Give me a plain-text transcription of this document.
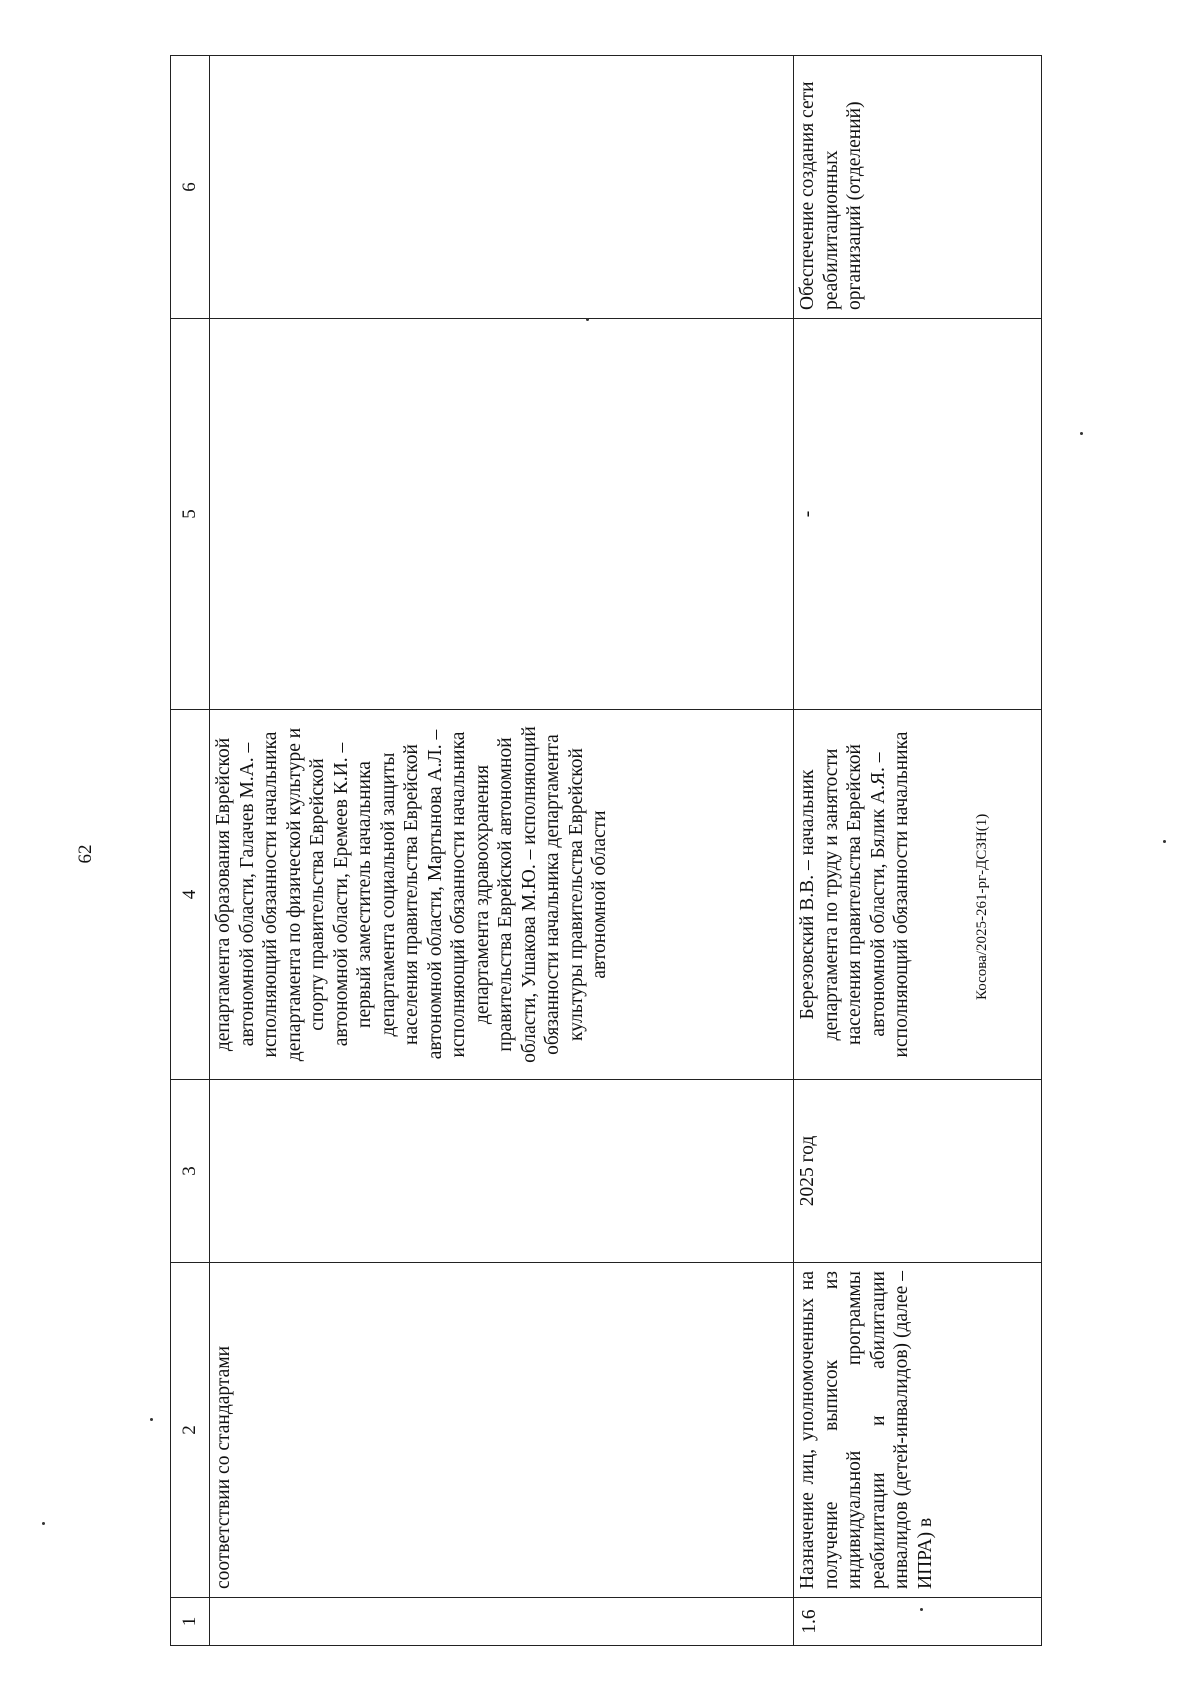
62
1	2	3	4	5	6
	соответствии со стандартами		департамента образования Еврейской автономной области, Галачев М.А. – исполняющий обязанности начальника департамента по физической культуре и спорту правительства Еврейской автономной области, Еремеев К.И. – первый заместитель начальника департамента социальной защиты населения правительства Еврейской автономной области, Мартынова А.Л. – исполняющий обязанности начальника департамента здравоохранения правительства Еврейской автономной области, Ушакова М.Ю. – исполняющий обязанности начальника департамента культуры правительства Еврейской автономной области		
1.6	Назначение лиц, уполномоченных на получение выписок из индивидуальной программы реабилитации и абилитации инвалидов (детей-инвалидов) (далее – ИПРА) в	2025 год	Березовский В.В. – начальник департамента по труду и занятости населения правительства Еврейской автономной области, Бялик А.Я. – исполняющий обязанности начальника	-	Обеспечение создания сети реабилитационных организаций (отделений)
Косова/2025-261-рг-ДСЗН(1)
